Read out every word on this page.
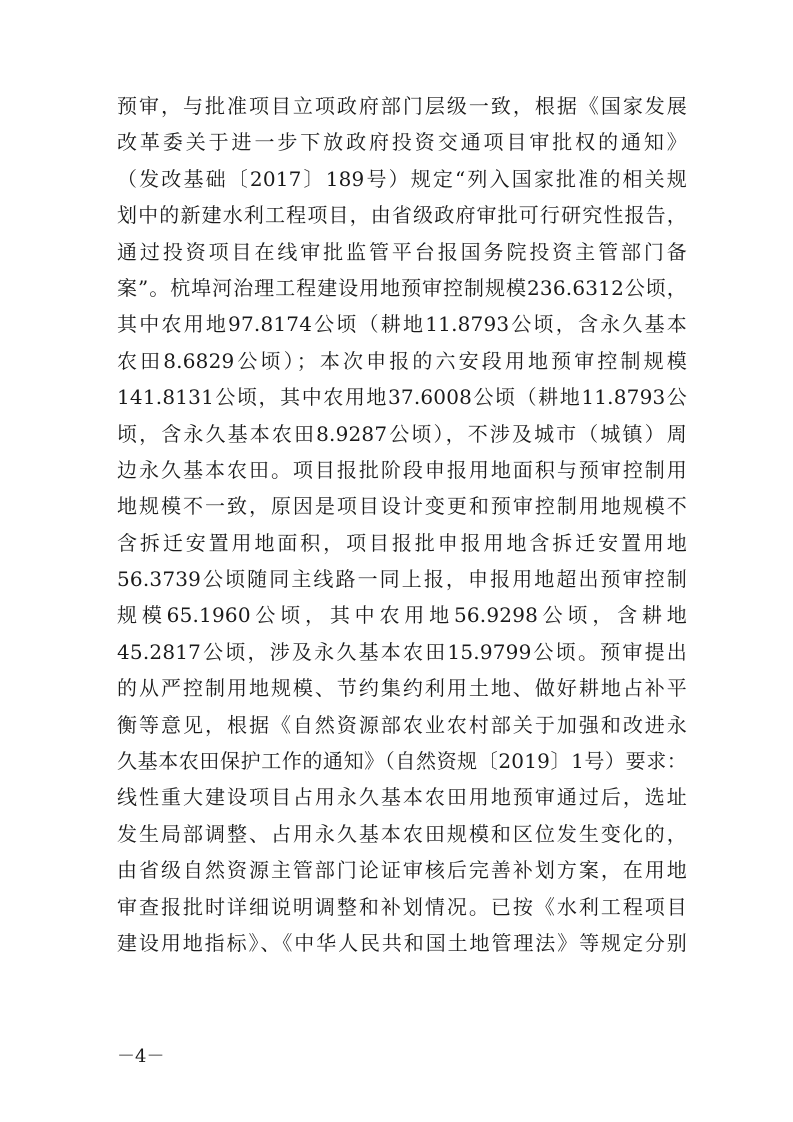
预审，与批准项目立项政府部门层级一致，根据《国家发展
改革委关于进一步下放政府投资交通项目审批权的通知》
（发改基础〔2017〕189号）规定“列入国家批准的相关规
划中的新建水利工程项目，由省级政府审批可行研究性报告，
通过投资项目在线审批监管平台报国务院投资主管部门备
案”。杭埠河治理工程建设用地预审控制规模236.6312公顷，
其中农用地97.8174公顷（耕地11.8793公顷，含永久基本
农田8.6829公顷）；本次申报的六安段用地预审控制规模
141.8131公顷，其中农用地37.6008公顷（耕地11.8793公
顷，含永久基本农田8.9287公顷），不涉及城市（城镇）周
边永久基本农田。项目报批阶段申报用地面积与预审控制用
地规模不一致，原因是项目设计变更和预审控制用地规模不
含拆迁安置用地面积，项目报批申报用地含拆迁安置用地
56.3739公顷随同主线路一同上报，申报用地超出预审控制
规模65.1960公顷，其中农用地56.9298公顷，含耕地
45.2817公顷，涉及永久基本农田15.9799公顷。预审提出
的从严控制用地规模、节约集约利用土地、做好耕地占补平
衡等意见，根据《自然资源部农业农村部关于加强和改进永
久基本农田保护工作的通知》（自然资规〔2019〕1号）要求：
线性重大建设项目占用永久基本农田用地预审通过后，选址
发生局部调整、占用永久基本农田规模和区位发生变化的，
由省级自然资源主管部门论证审核后完善补划方案，在用地
审查报批时详细说明调整和补划情况。已按《水利工程项目
建设用地指标》、《中华人民共和国土地管理法》等规定分别
－4－
